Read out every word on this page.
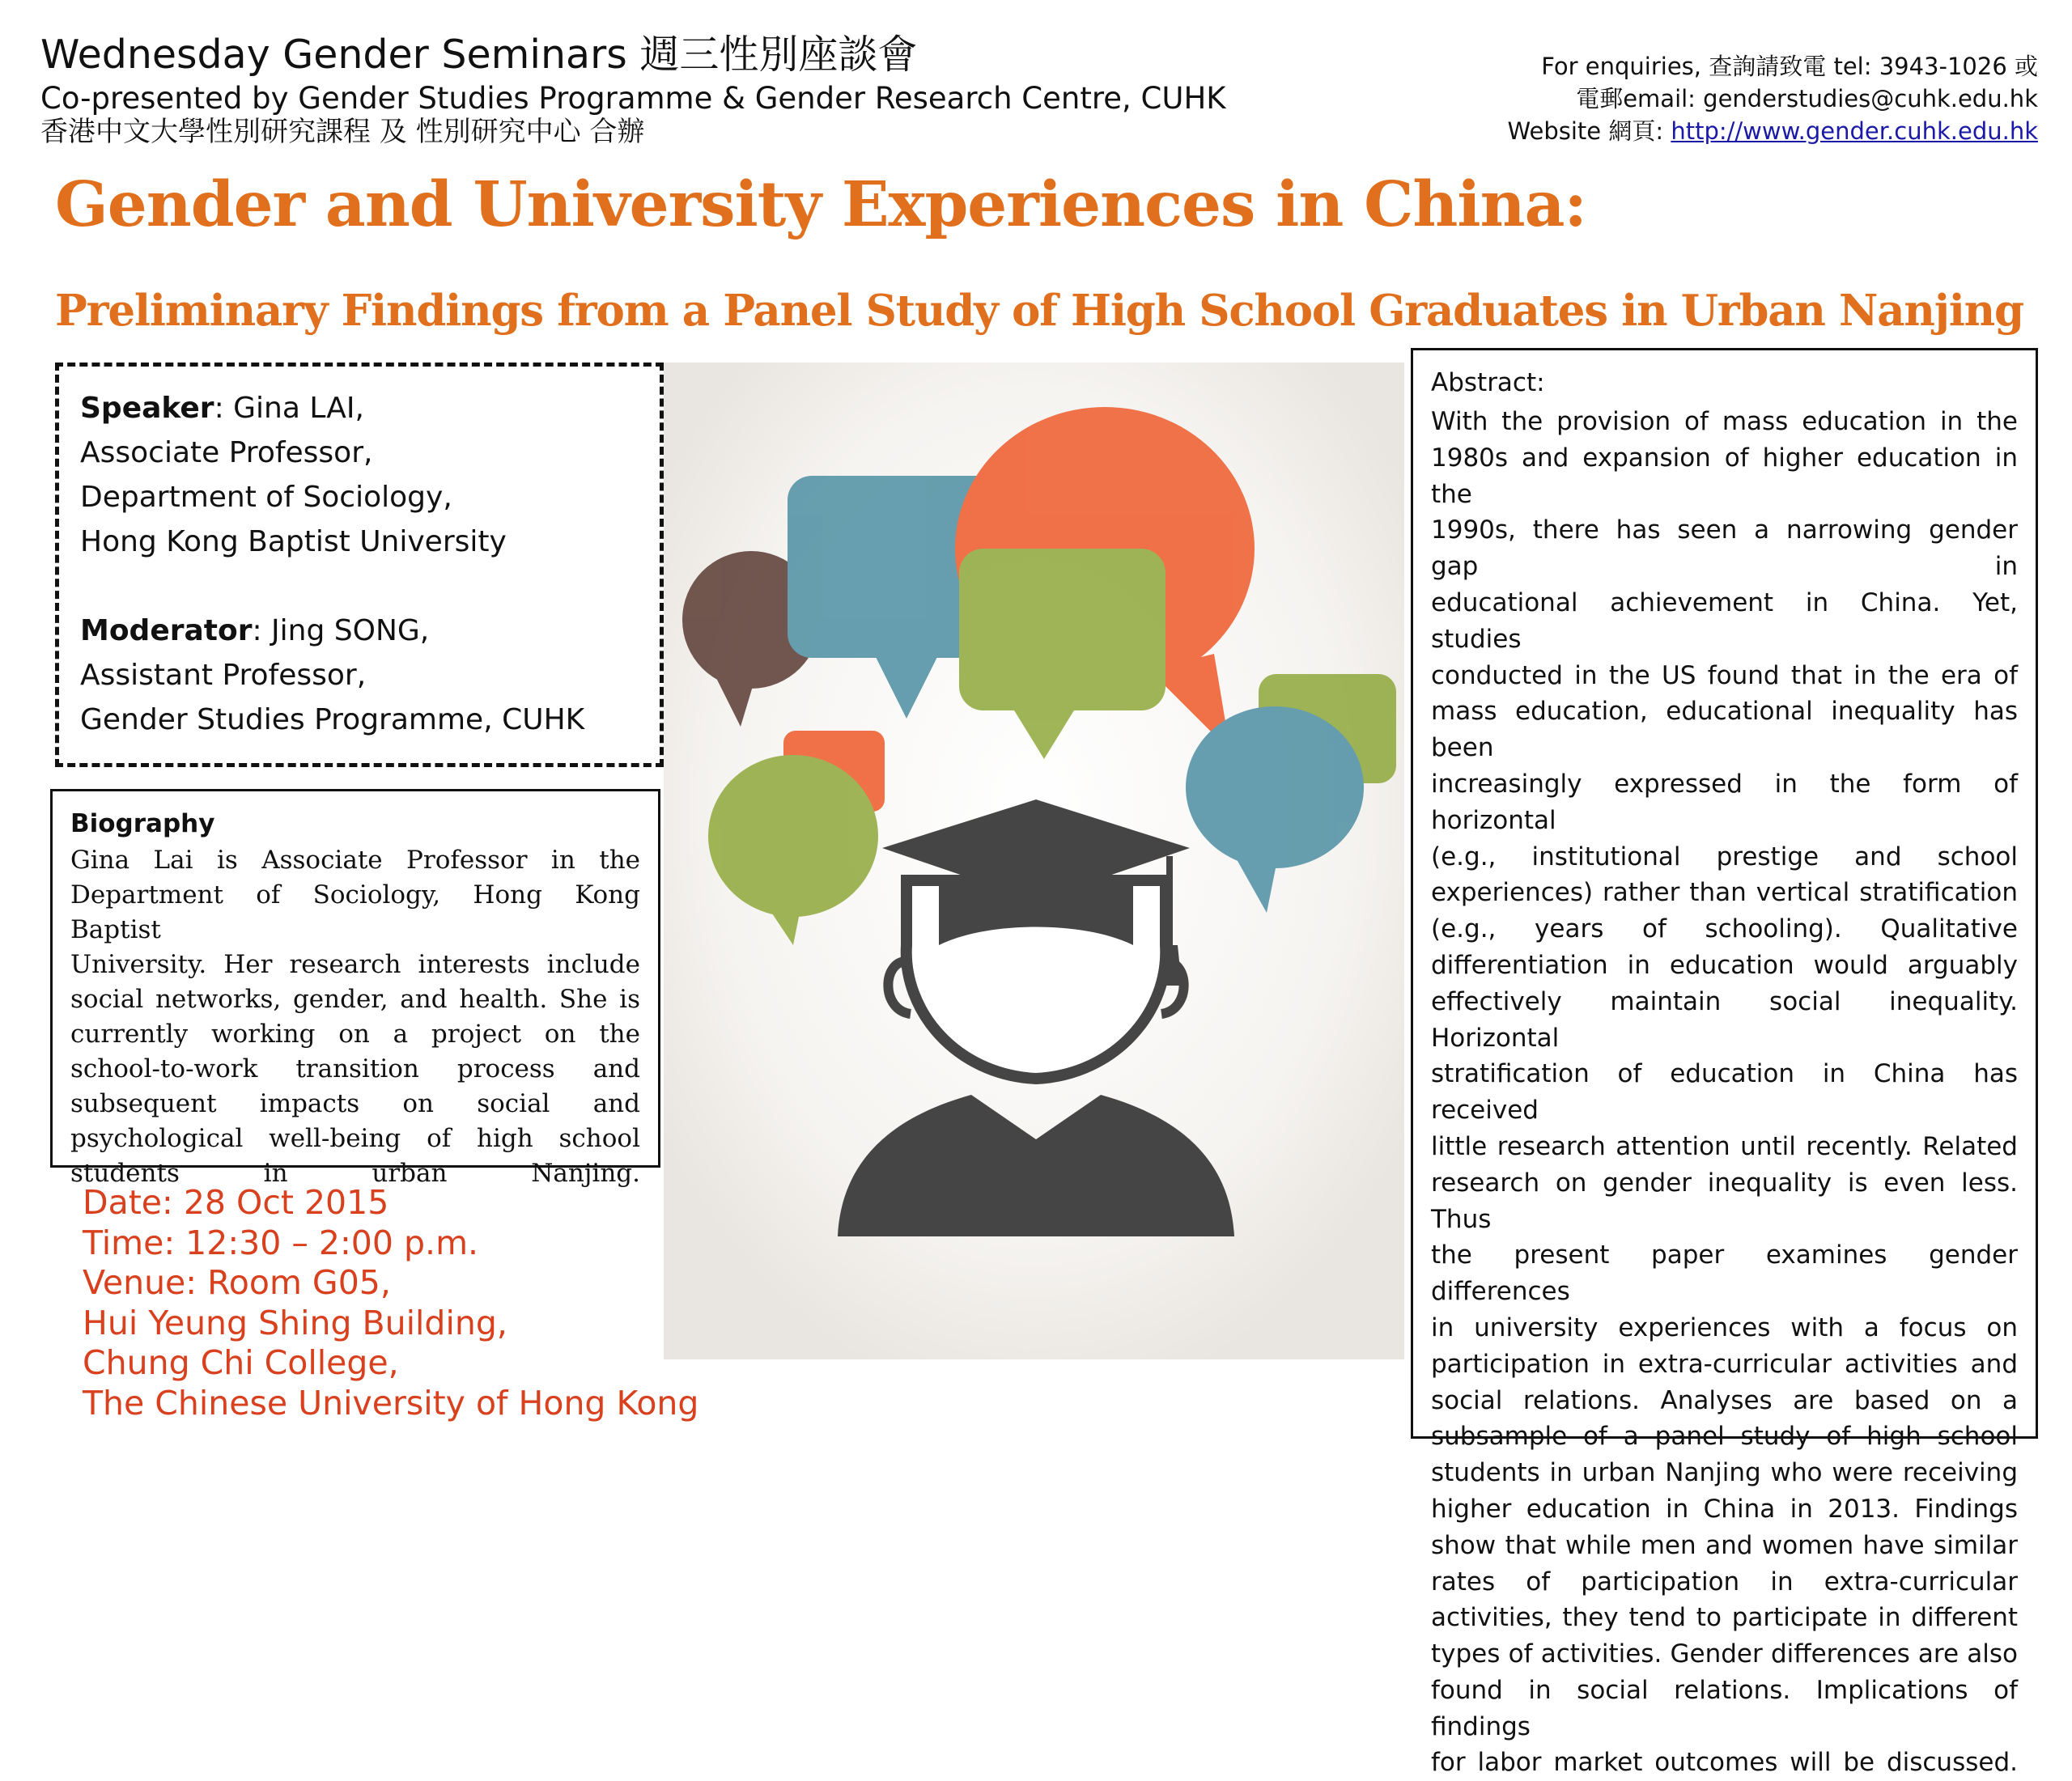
Wednesday Gender Seminars 週三性別座談會
Co-presented by Gender Studies Programme & Gender Research Centre, CUHK
香港中文大學性別研究課程 及 性別研究中心 合辦
For enquiries, 查詢請致電 tel: 3943-1026 或
電郵email: genderstudies@cuhk.edu.hk
Website 網頁: http://www.gender.cuhk.edu.hk
Gender and University Experiences in China:
Preliminary Findings from a Panel Study of High School Graduates in Urban Nanjing
Speaker: Gina LAI,
Associate Professor,
Department of Sociology,
Hong Kong Baptist University
Moderator: Jing SONG,
Assistant Professor,
Gender Studies Programme, CUHK
Biography
Gina Lai is Associate Professor in the
Department of Sociology, Hong Kong Baptist
University. Her research interests include
social networks, gender, and health. She is
currently working on a project on the
school-to-work transition process and
subsequent impacts on social and
psychological well-being of high school
students in urban Nanjing.
Date: 28 Oct 2015
Time: 12:30 – 2:00 p.m.
Venue: Room G05,
Hui Yeung Shing Building,
Chung Chi College,
The Chinese University of Hong Kong
Abstract:
With the provision of mass education in the
1980s and expansion of higher education in the
1990s, there has seen a narrowing gender gap in
educational achievement in China. Yet, studies
conducted in the US found that in the era of
mass education, educational inequality has been
increasingly expressed in the form of horizontal
(e.g., institutional prestige and school
experiences) rather than vertical stratification
(e.g., years of schooling). Qualitative
differentiation in education would arguably
effectively maintain social inequality. Horizontal
stratification of education in China has received
little research attention until recently. Related
research on gender inequality is even less. Thus
the present paper examines gender differences
in university experiences with a focus on
participation in extra-curricular activities and
social relations. Analyses are based on a
subsample of a panel study of high school
students in urban Nanjing who were receiving
higher education in China in 2013. Findings
show that while men and women have similar
rates of participation in extra-curricular
activities, they tend to participate in different
types of activities. Gender differences are also
found in social relations. Implications of findings
for labor market outcomes will be discussed.
